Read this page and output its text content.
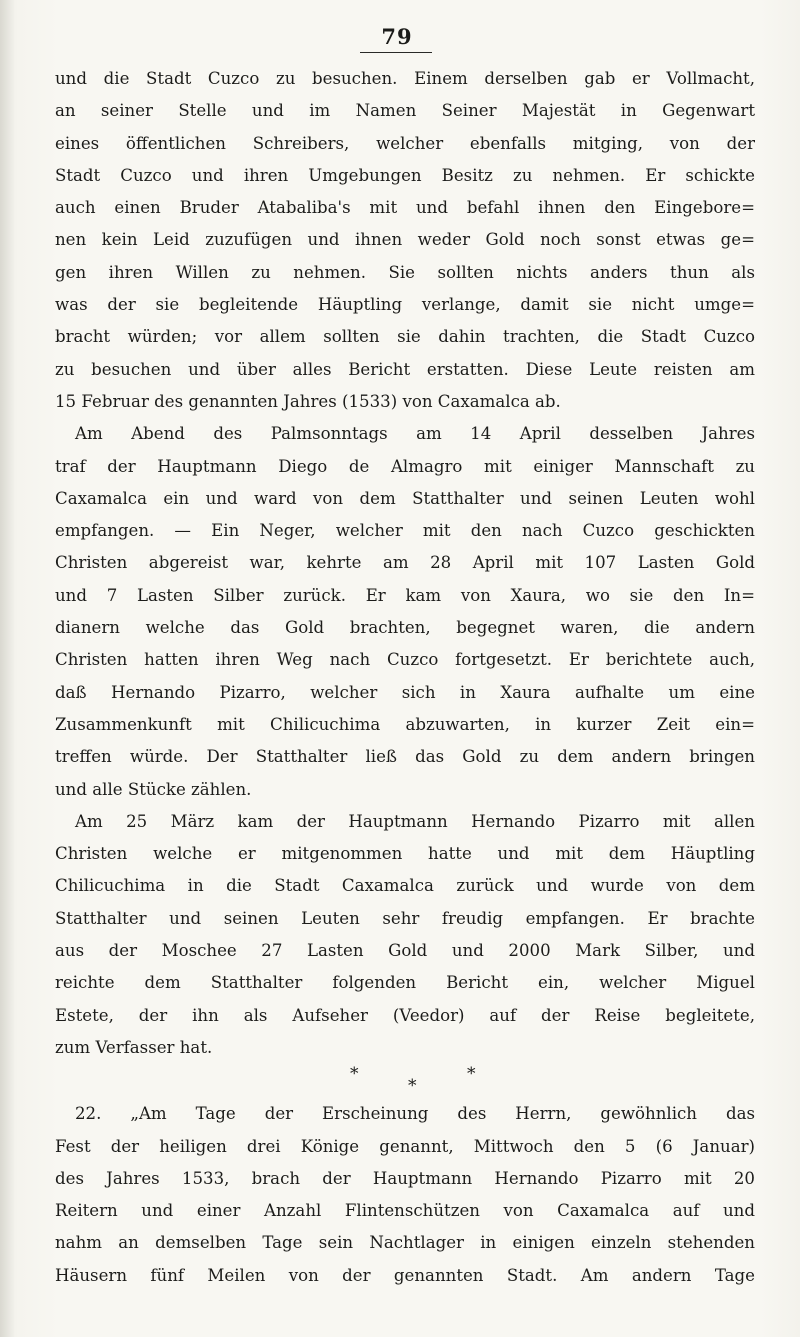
79
und die Stadt Cuzco zu besuchen. Einem derselben gab er Vollmacht,
an seiner Stelle und im Namen Seiner Majestät in Gegenwart
eines öffentlichen Schreibers, welcher ebenfalls mitging, von der
Stadt Cuzco und ihren Umgebungen Besitz zu nehmen. Er schickte
auch einen Bruder Atabaliba's mit und befahl ihnen den Eingebore=
nen kein Leid zuzufügen und ihnen weder Gold noch sonst etwas ge=
gen ihren Willen zu nehmen. Sie sollten nichts anders thun als
was der sie begleitende Häuptling verlange, damit sie nicht umge=
bracht würden; vor allem sollten sie dahin trachten, die Stadt Cuzco
zu besuchen und über alles Bericht erstatten. Diese Leute reisten am
15 Februar des genannten Jahres (1533) von Caxamalca ab.
Am Abend des Palmsonntags am 14 April desselben Jahres
traf der Hauptmann Diego de Almagro mit einiger Mannschaft zu
Caxamalca ein und ward von dem Statthalter und seinen Leuten wohl
empfangen. — Ein Neger, welcher mit den nach Cuzco geschickten
Christen abgereist war, kehrte am 28 April mit 107 Lasten Gold
und 7 Lasten Silber zurück. Er kam von Xaura, wo sie den In=
dianern welche das Gold brachten, begegnet waren, die andern
Christen hatten ihren Weg nach Cuzco fortgesetzt. Er berichtete auch,
daß Hernando Pizarro, welcher sich in Xaura aufhalte um eine
Zusammenkunft mit Chilicuchima abzuwarten, in kurzer Zeit ein=
treffen würde. Der Statthalter ließ das Gold zu dem andern bringen
und alle Stücke zählen.
Am 25 März kam der Hauptmann Hernando Pizarro mit allen
Christen welche er mitgenommen hatte und mit dem Häuptling
Chilicuchima in die Stadt Caxamalca zurück und wurde von dem
Statthalter und seinen Leuten sehr freudig empfangen. Er brachte
aus der Moschee 27 Lasten Gold und 2000 Mark Silber, und
reichte dem Statthalter folgenden Bericht ein, welcher Miguel
Estete, der ihn als Aufseher (Veedor) auf der Reise begleitete,
zum Verfasser hat.
*
*
*
22. „Am Tage der Erscheinung des Herrn, gewöhnlich das
Fest der heiligen drei Könige genannt, Mittwoch den 5 (6 Januar)
des Jahres 1533, brach der Hauptmann Hernando Pizarro mit 20
Reitern und einer Anzahl Flintenschützen von Caxamalca auf und
nahm an demselben Tage sein Nachtlager in einigen einzeln stehenden
Häusern fünf Meilen von der genannten Stadt. Am andern Tage
